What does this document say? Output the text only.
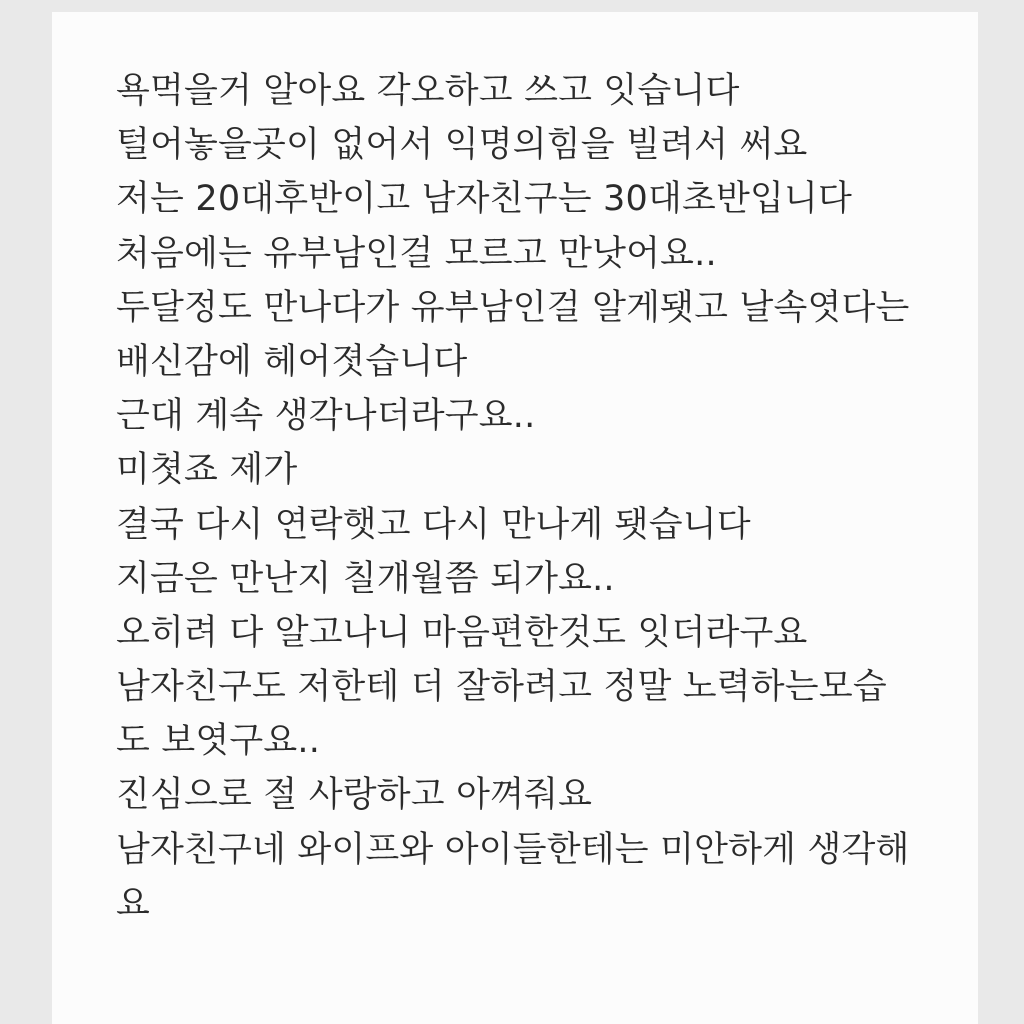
욕먹을거 알아요 각오하고 쓰고 잇습니다
털어놓을곳이 없어서 익명의힘을 빌려서 써요
저는 20대후반이고 남자친구는 30대초반입니다
처음에는 유부남인걸 모르고 만낫어요..
두달정도 만나다가 유부남인걸 알게됏고 날속엿다는
배신감에 헤어졋습니다
근대 계속 생각나더라구요..
미쳣죠 제가
결국 다시 연락햇고 다시 만나게 됏습니다
지금은 만난지 칠개월쯤 되가요..
오히려 다 알고나니 마음편한것도 잇더라구요
남자친구도 저한테 더 잘하려고 정말 노력하는모습
도 보엿구요..
진심으로 절 사랑하고 아껴줘요
남자친구네 와이프와 아이들한테는 미안하게 생각해
요
